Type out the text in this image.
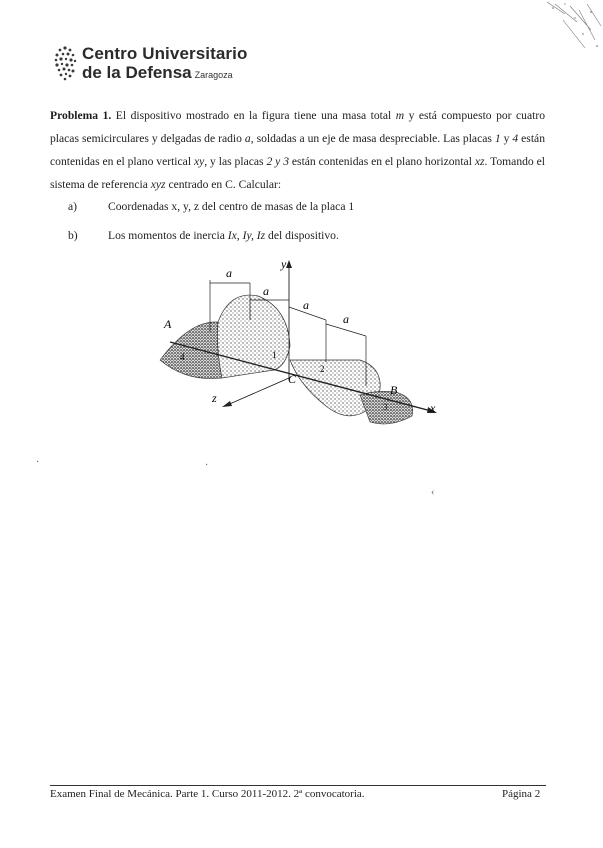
Centro Universitario
de la Defensa Zaragoza
Problema 1. El dispositivo mostrado en la figura tiene una masa total m y está compuesto por cuatro placas semicirculares y delgadas de radio a, soldadas a un eje de masa despreciable. Las placas 1 y 4 están contenidas en el plano vertical xy, y las placas 2 y 3 están contenidas en el plano horizontal xz. Tomando el sistema de referencia xyz centrado en C. Calcular:
a)	Coordenadas x, y, z del centro de masas de la placa 1
b)	Los momentos de inercia Ix, Iy, Iz del dispositivo.
a
a
a
a
y
z
x
A
C
B
1
2
3
4
·	·
‹
Examen Final de Mecánica. Parte 1. Curso 2011-2012. 2ª convocatoria.	Página 2
